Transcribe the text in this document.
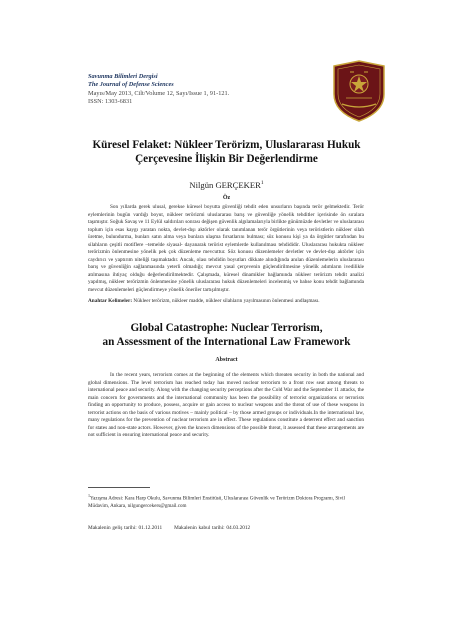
Savunma Bilimleri Dergisi
The Journal of Defense Sciences
Mayıs/May 2013, Cilt/Volume 12, Sayı/Issue 1, 91-121.
ISSN: 1303-6831
Küresel Felaket: Nükleer Terörizm, Uluslararası Hukuk
Çerçevesine İlişkin Bir Değerlendirme
Nilgün GERÇEKER$^1$
Öz

Son yıllarda gerek ulusal, gerekse küresel boyutta güvenliği tehdit eden unsurların başında terör gelmektedir. Terör eylemlerinin bugün vardığı boyut, nükleer terörizmi uluslararası barış ve güvenliğe yönelik tehditler içerisinde ön sıralara taşımıştır. Soğuk Savaş ve 11 Eylül saldırıları sonrası değişen güvenlik algılamalarıyla birlikte günümüzde devletler ve uluslararası toplum için esas kaygı yaratan nokta, devlet-dışı aktörler olarak tanımlanan terör örgütlerinin veya teröristlerin nükleer silah üretme, bulundurma, bunları satın alma veya bunlara ulaşma fırsatlarını bulması; söz konusu kişi ya da örgütler tarafından bu silahların çeşitli motiflere –temelde siyasal- dayanarak terörist eylemlerde kullanılması tehdididir. Uluslararası hukukta nükleer terörizmin önlenmesine yönelik pek çok düzenleme mevcuttur. Söz konusu düzenlemeler devletler ve devlet-dışı aktörler için caydırıcı ve yaptırım niteliği taşımaktadır. Ancak, olası tehdidin boyutları dikkate alındığında anılan düzenlemelerin uluslararası barış ve güvenliğin sağlanmasında yeterli olmadığı; mevcut yasal çerçevenin güçlendirilmesine yönelik adımların ivedilikle atılmasına ihtiyaç olduğu değerlendirilmektedir. Çalışmada, küresel dinamikler bağlamında nükleer terörizm tehdit analizi yapılmış, nükleer terörizmin önlenmesine yönelik uluslararası hukuk düzenlemeleri incelenmiş ve bahse konu tehdit bağlamında mevcut düzenlemeleri güçlendirmeye yönelik öneriler tartışılmıştır.

Anahtar Kelimeler: Nükleer terörizm, nükleer madde, nükleer silahların yayılmasının önlenmesi andlaşması.
Global Catastrophe: Nuclear Terrorism,
an Assessment of the International Law Framework
Abstract

In the recent years, terrorism comes at the beginning of the elements which threaten security in both the national and global dimensions. The level terrorism has reached today has moved nuclear terrorism to a front row seat among threats to international peace and security. Along with the changing security perceptions after the Cold War and the September 11 attacks, the main concern for governments and the international community has been the possibility of terrorist organizations or terrorists finding an opportunity to produce, possess, acquire or gain access to nuclear weapons and the threat of use of these weapons in terrorist actions on the basis of various motives – mainly political – by those armed groups or individuals.In the international law, many regulations for the prevention of nuclear terrorism are in effect. These regulations constitute a deterrent effect and sanction for states and non-state actors. However, given the known dimensions of the possible threat, it assessed that these arrangements are not sufficient in ensuring international peace and security.

$^1$Yazışma Adresi: Kara Harp Okulu, Savunma Bilimleri Enstitüsü, Uluslararası Güvenlik ve Terörizm Doktora Programı, Sivil Müdavim, Ankara, nilgungercekers@gmail.com
Makalenin geliş tarihi: 01.12.2011 Makalenin kabul tarihi: 04.03.2012
